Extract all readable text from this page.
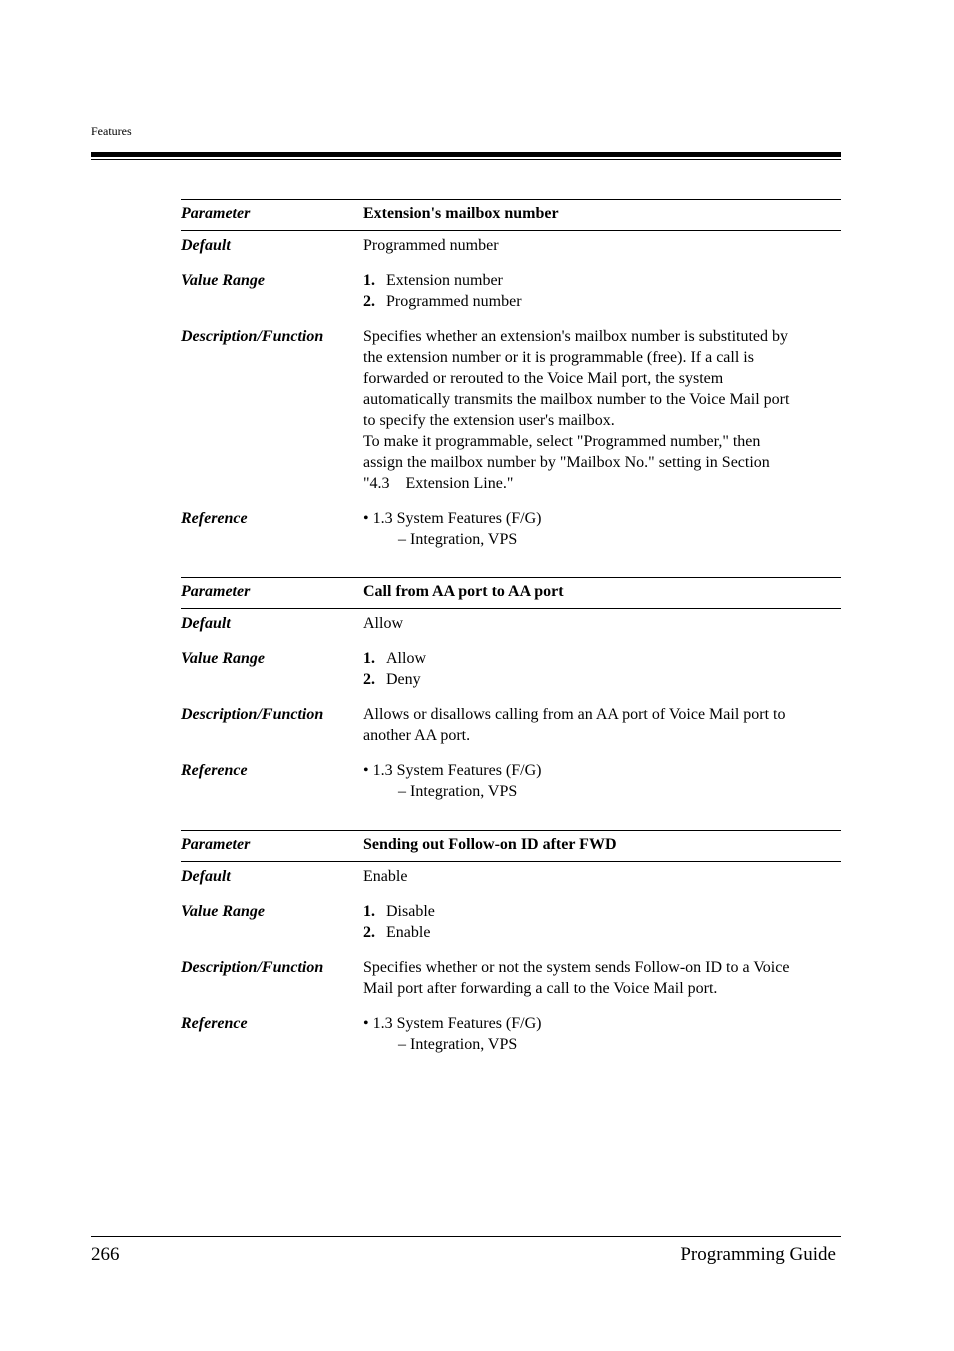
Features
Parameter	Extension's mailbox number
Default	Programmed number
Value Range	1. Extension number
2. Programmed number
Description/Function	Specifies whether an extension's mailbox number is substituted by
the extension number or it is programmable (free). If a call is
forwarded or rerouted to the Voice Mail port, the system
automatically transmits the mailbox number to the Voice Mail port
to specify the extension user's mailbox.
To make it programmable, select "Programmed number," then
assign the mailbox number by "Mailbox No." setting in Section
"4.3    Extension Line."
Reference	• 1.3 System Features (F/G)
– Integration, VPS
Parameter	Call from AA port to AA port
Default	Allow
Value Range	1. Allow
2. Deny
Description/Function	Allows or disallows calling from an AA port of Voice Mail port to
another AA port.
Reference	• 1.3 System Features (F/G)
– Integration, VPS
Parameter	Sending out Follow-on ID after FWD
Default	Enable
Value Range	1. Disable
2. Enable
Description/Function	Specifies whether or not the system sends Follow-on ID to a Voice
Mail port after forwarding a call to the Voice Mail port.
Reference	• 1.3 System Features (F/G)
– Integration, VPS
266	Programming Guide
